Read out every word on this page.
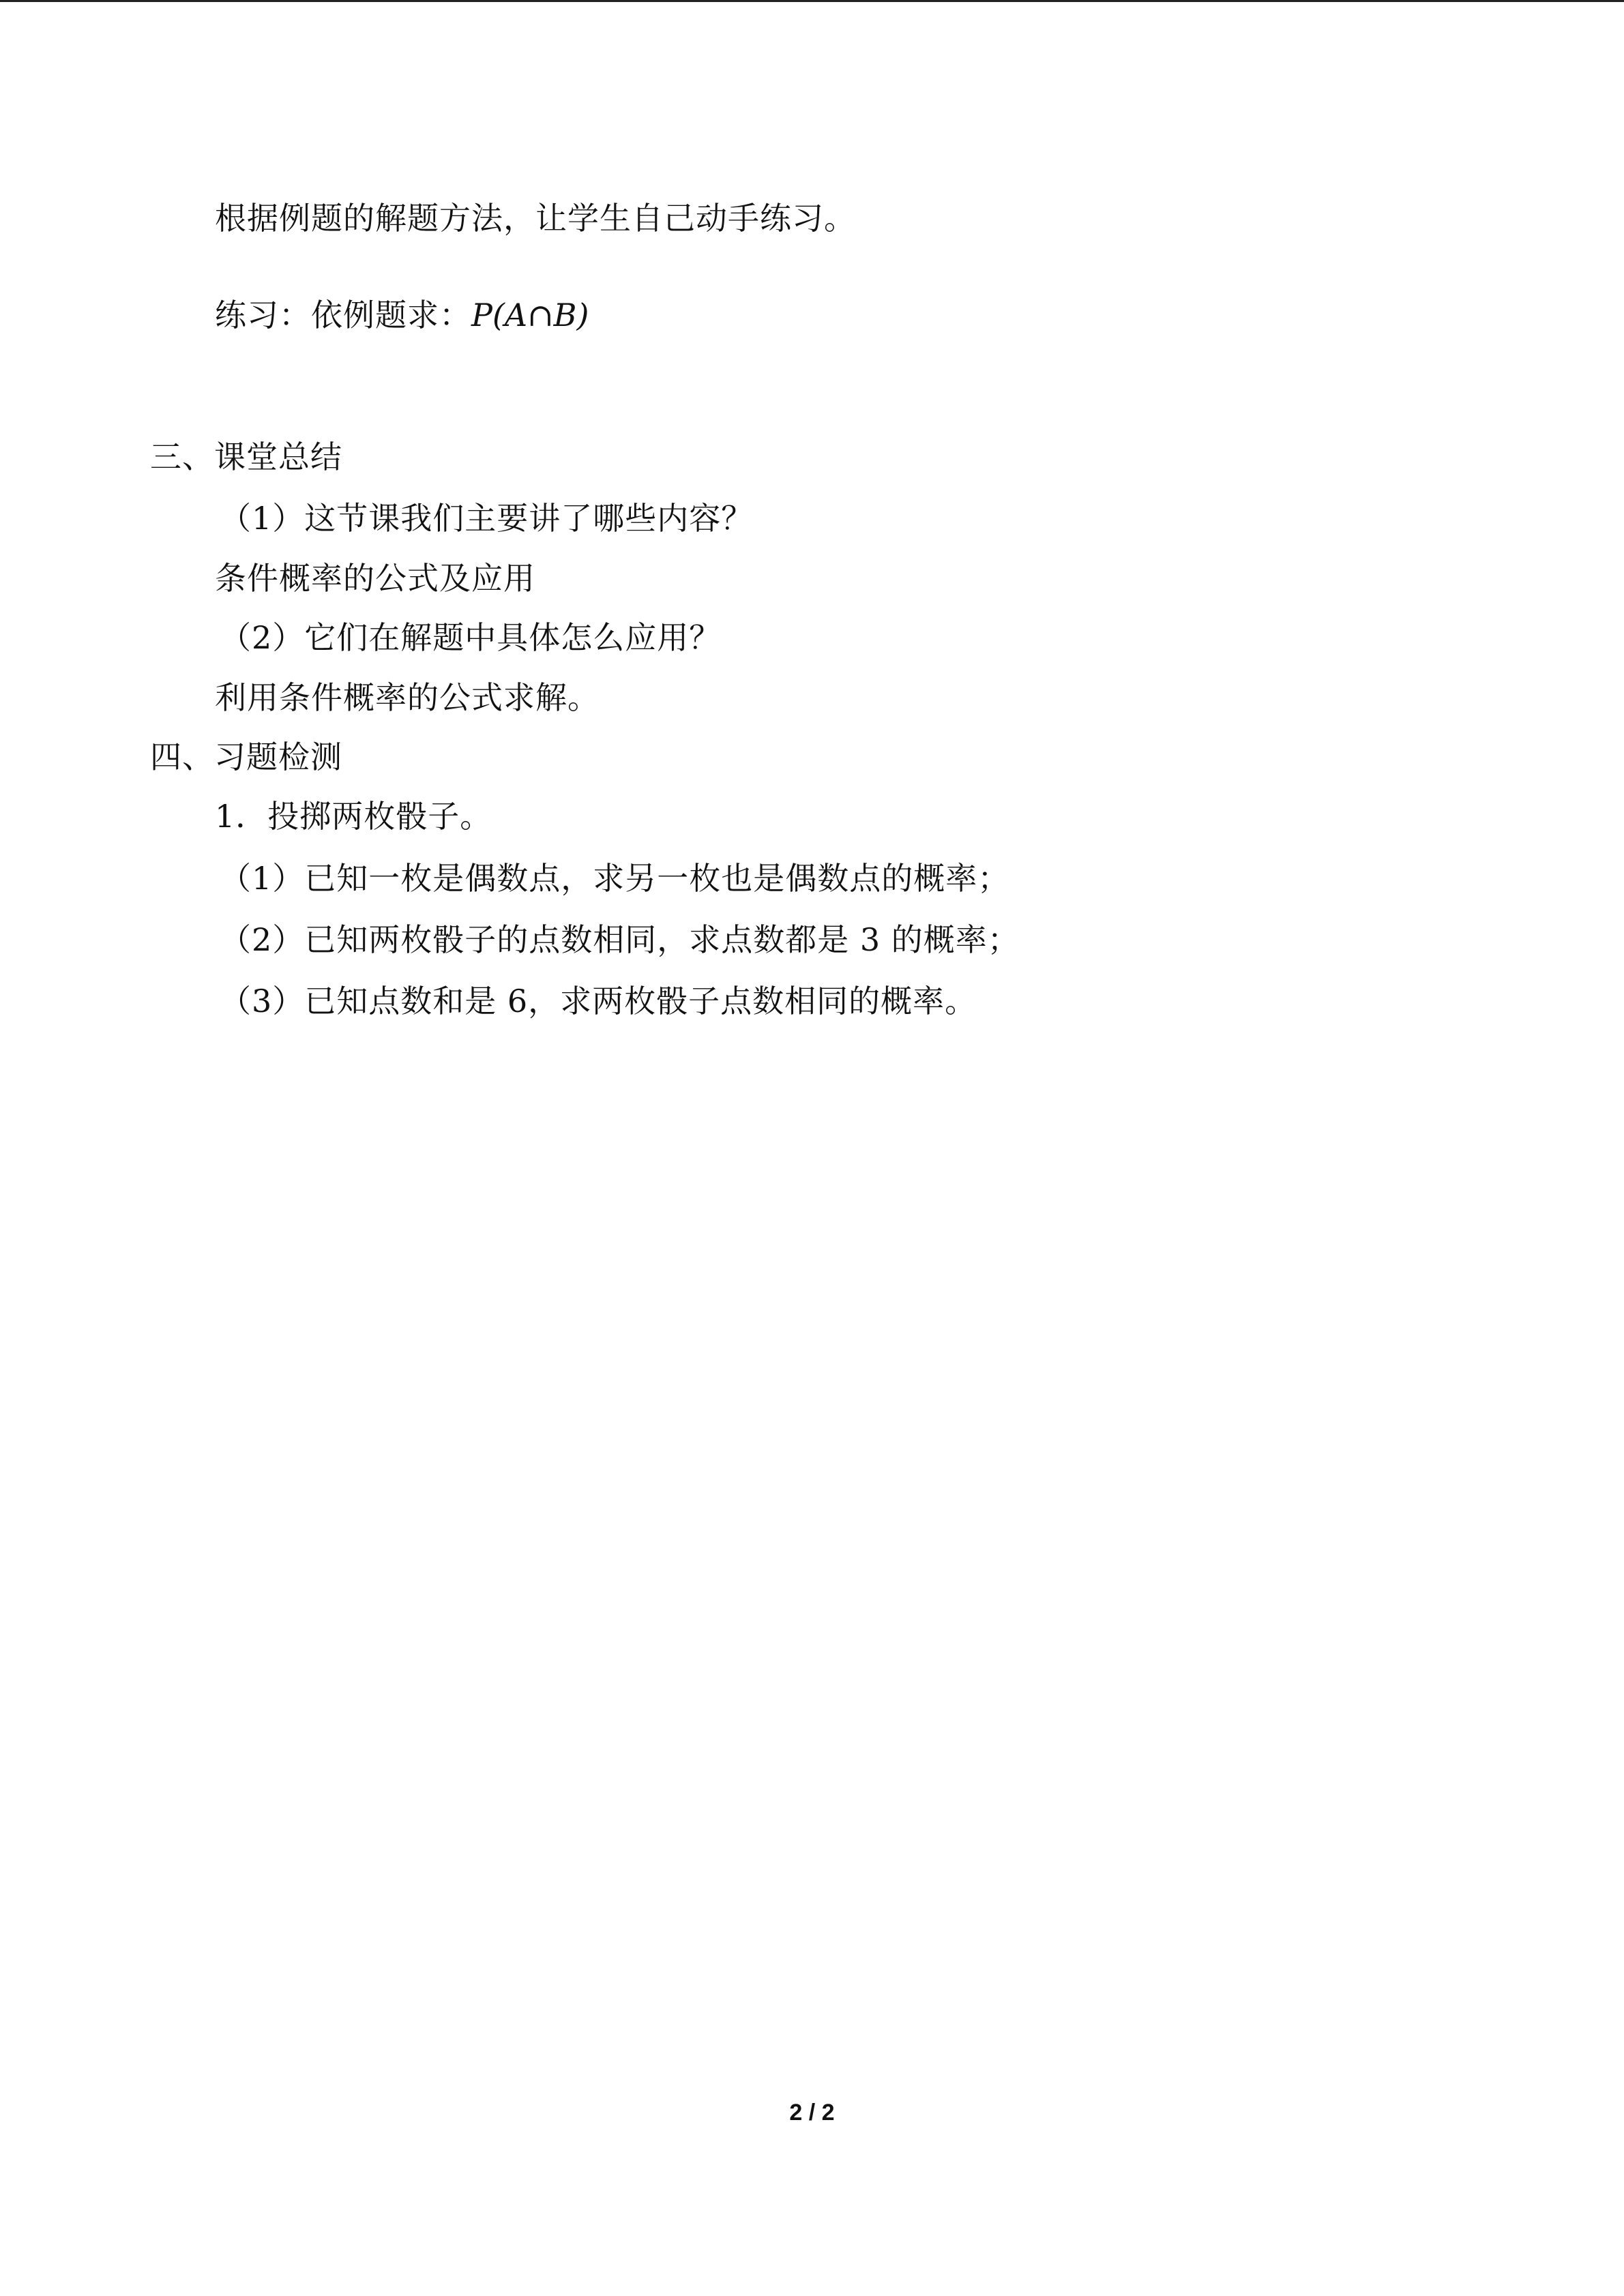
根据例题的解题方法，让学生自己动手练习。
练习：依例题求：P(A∩B)
三、课堂总结
（1）这节课我们主要讲了哪些内容？
条件概率的公式及应用
（2）它们在解题中具体怎么应用？
利用条件概率的公式求解。
四、习题检测
1．投掷两枚骰子。
（1）已知一枚是偶数点，求另一枚也是偶数点的概率；
（2）已知两枚骰子的点数相同，求点数都是 3 的概率；
（3）已知点数和是 6，求两枚骰子点数相同的概率。
2 / 2
